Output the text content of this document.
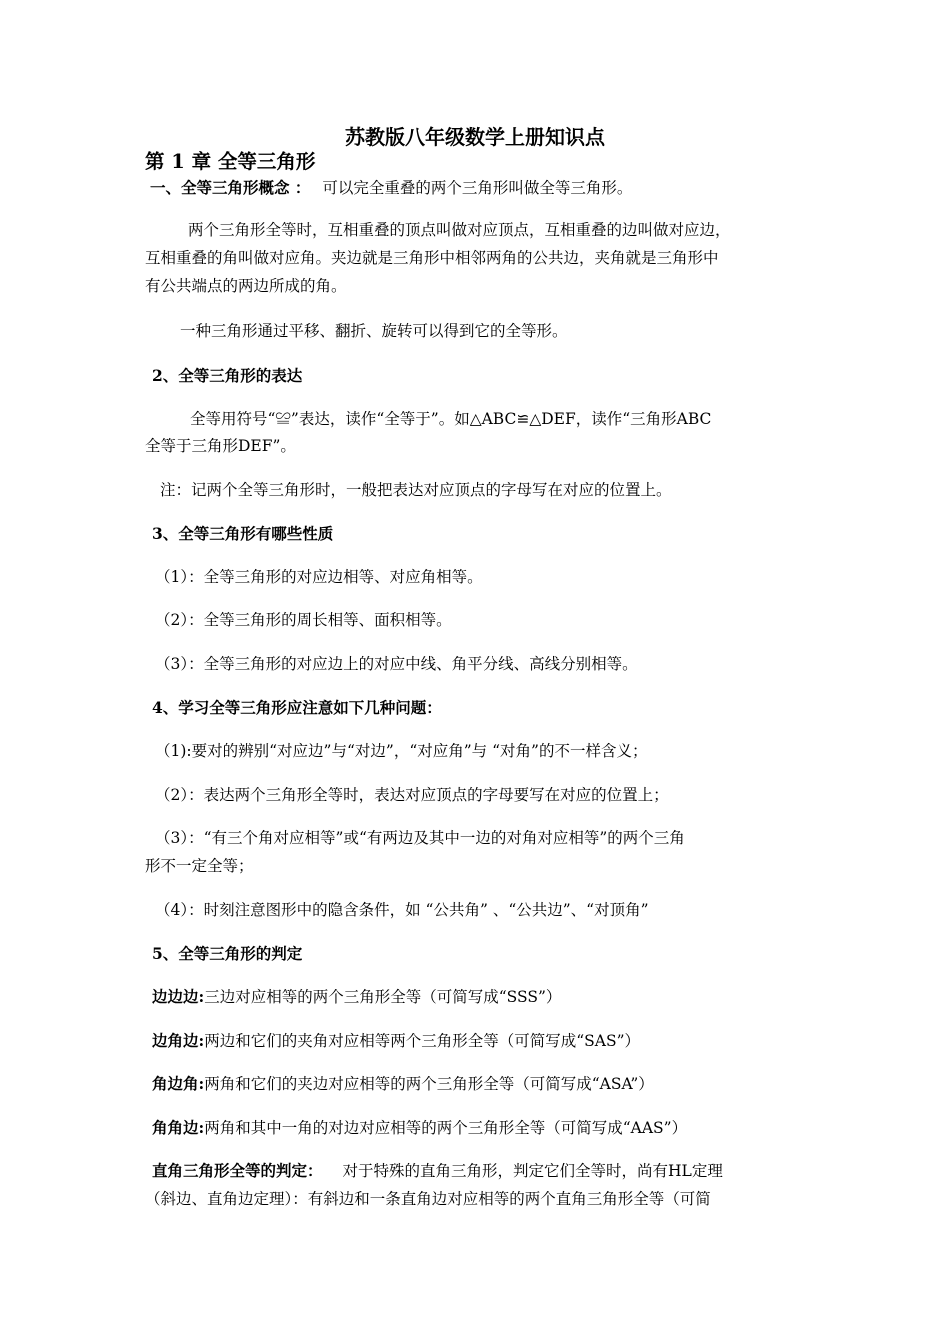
苏教版八年级数学上册知识点
第 1 章 全等三角形
一、全等三角形概念 ： 可以完全重叠的两个三角形叫做全等三角形。
两个三角形全等时，互相重叠的顶点叫做对应顶点，互相重叠的边叫做对应边，
互相重叠的角叫做对应角。夹边就是三角形中相邻两角的公共边，夹角就是三角形中
有公共端点的两边所成的角。
一种三角形通过平移、翻折、旋转可以得到它的全等形。
2、全等三角形的表达
全等用符号“≌”表达，读作“全等于”。如△ABC≌△DEF，读作“三角形ABC
全等于三角形DEF”。
注：记两个全等三角形时，一般把表达对应顶点的字母写在对应的位置上。
3、全等三角形有哪些性质
（1）：全等三角形的对应边相等、对应角相等。
（2）：全等三角形的周长相等、面积相等。
（3）：全等三角形的对应边上的对应中线、角平分线、高线分别相等。
4、学习全等三角形应注意如下几种问题：
（1):要对的辨别“对应边”与“对边”，“对应角”与 “对角”的不一样含义；
（2）：表达两个三角形全等时，表达对应顶点的字母要写在对应的位置上；
（3）：“有三个角对应相等”或“有两边及其中一边的对角对应相等”的两个三角
形不一定全等；
（4）：时刻注意图形中的隐含条件，如 “公共角” 、“公共边”、“对顶角”
5、全等三角形的判定
边边边:三边对应相等的两个三角形全等（可简写成“SSS”）
边角边:两边和它们的夹角对应相等两个三角形全等（可简写成“SAS”）
角边角:两角和它们的夹边对应相等的两个三角形全等（可简写成“ASA”）
角角边:两角和其中一角的对边对应相等的两个三角形全等（可简写成“AAS”）
直角三角形全等的判定： 对于特殊的直角三角形，判定它们全等时，尚有HL定理
（斜边、直角边定理）：有斜边和一条直角边对应相等的两个直角三角形全等（可简
